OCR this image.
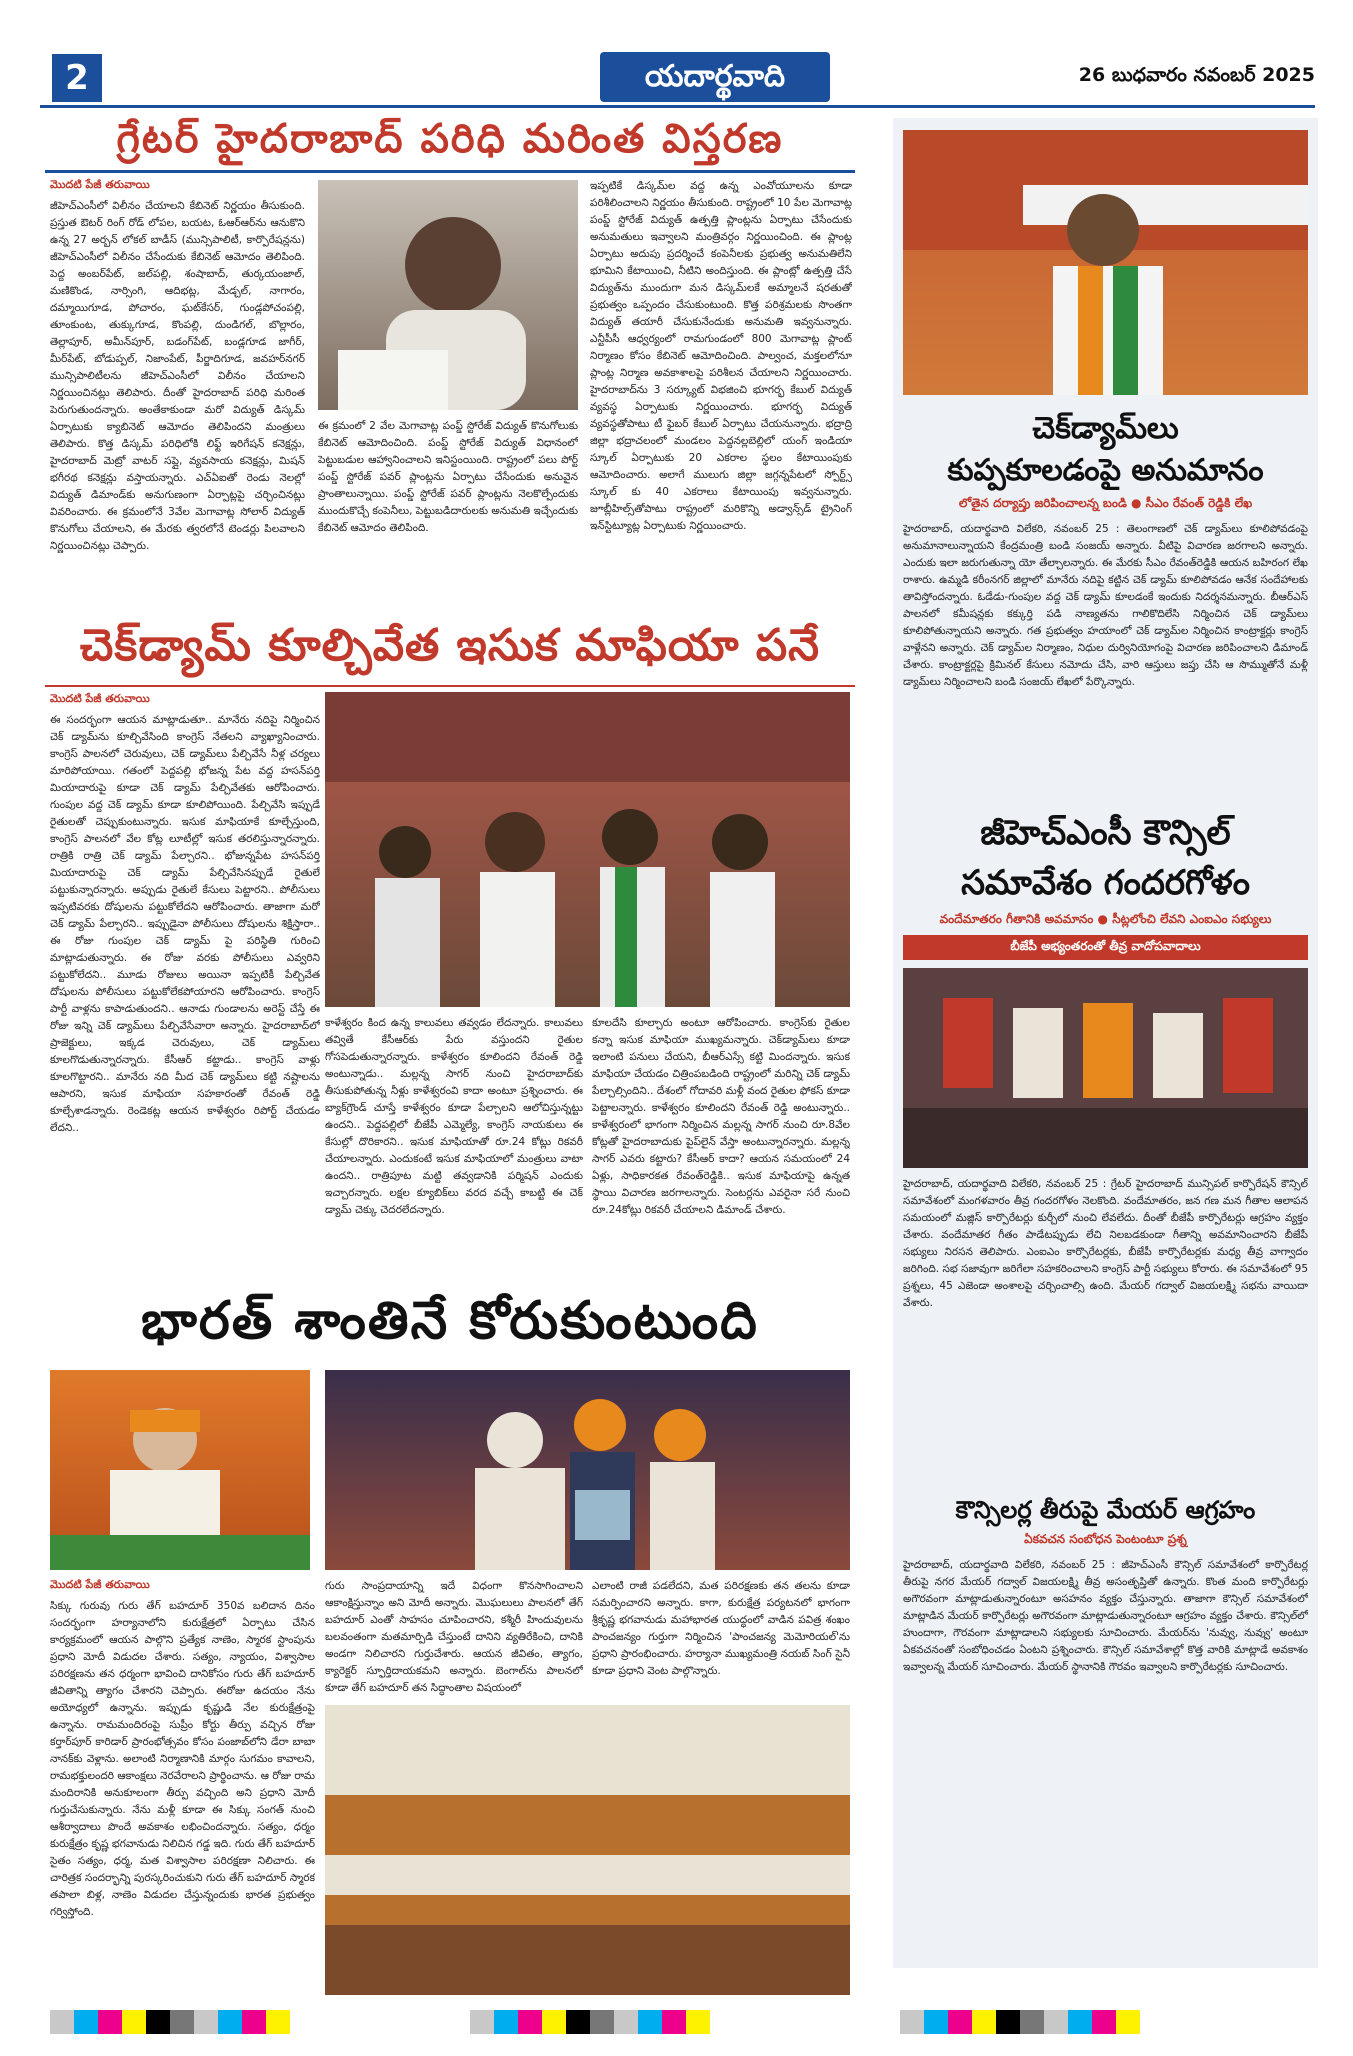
2	యదార్థవాది	26 బుధవారం నవంబర్ 2025
గ్రేటర్ హైదరాబాద్ పరిధి మరింత విస్తరణ
మొదటి పేజీ తరువాయి
జీహెచ్‌ఎంసీలో విలీనం చేయాలని కేబినెట్ నిర్ణయం తీసుకుంది. ప్రస్తుత ఔటర్ రింగ్ రోడ్ లోపల, బయట, ఓఆర్ఆర్‌ను ఆనుకొని ఉన్న 27 అర్బన్ లోకల్ బాడీస్ (మున్సిపాలిటీ, కార్పొరేషన్లను) జీహెచ్‌ఎంసీలో విలీనం చేసేందుకు కేబినెట్ ఆమోదం తెలిపింది. పెద్ద అంబర్‌పేట్, జల్‌పల్లి, శంషాబాద్, తుర్కయంజాల్, మణికొండ, నార్సింగి, ఆదిభట్ల, మేడ్చల్, నాగారం, దమ్మాయిగూడ, పోచారం, ఘట్‌కేసర్, గుండ్లపోచంపల్లి, తూంకుంట, తుక్కుగూడ, కొంపల్లి, దుండిగల్, బొల్లారం, తెల్లాపూర్, అమీన్‌పూర్, బడంగ్‌పేట్, బండ్లగూడ జాగీర్, మీర్‌పేట్, బోడుప్పల్, నిజాంపేట్, పీర్జాదిగూడ, జవహర్‌నగర్ మున్సిపాలిటీలను జీహెచ్‌ఎంసీలో విలీనం చేయాలని నిర్ణయించినట్లు తెలిపారు. దీంతో హైదరాబాద్ పరిధి మరింత పెరుగుతుందన్నారు. అంతేకాకుండా మరో విద్యుత్ డిస్కమ్ ఏర్పాటుకు క్యాబినెట్ ఆమోదం తెలిపిందని మంత్రులు తెలిపారు. కొత్త డిస్కమ్ పరిధిలోకి లిఫ్ట్ ఇరిగేషన్ కనెక్షన్లు, హైదరాబాద్ మెట్రో వాటర్ సప్లై, వ్యవసాయ కనెక్షన్లు, మిషన్ భగీరథ కనెక్షన్లు వస్తాయన్నారు. ఎచ్ఏఐతో రెండు నెలల్లో విద్యుత్ డిమాండ్‌కు అనుగుణంగా ఏర్పాట్లపై చర్చించినట్లు వివరించారు. ఈ క్రమంలోనే 3వేల మెగావాట్ల సోలార్ విద్యుత్ కొనుగోలు చేయాలని, ఈ మేరకు త్వరలోనే టెండర్లు పిలవాలని నిర్ణయించినట్లు చెప్పారు.
ఈ క్రమంలో 2 వేల మెగావాట్ల పంప్డ్ స్టోరేజ్ విద్యుత్ కొనుగోలుకు కేబినెట్ ఆమోదించింది. పంప్డ్ స్టోరేజ్ విద్యుత్ విధానంలో పెట్టుబడుల ఆహ్వానించాలని ఇనిస్టంయింది. రాష్ట్రంలో పలు పోర్ట్ పంప్డ్ స్టోరేజ్ పవర్ ప్లాంట్లను ఏర్పాటు చేసేందుకు అనువైన ప్రాంతాలున్నాయి. పంప్డ్ స్టోరేజ్ పవర్ ప్లాంట్లను నెలకొల్పేందుకు ముందుకొచ్చే కంపెనీలు, పెట్టుబడిదారులకు అనుమతి ఇచ్చేందుకు కేబినెట్ ఆమోదం తెలిపింది.
ఇప్పటికే డిస్కమ్‌ల వద్ద ఉన్న ఎంవోయూలను కూడా పరిశీలించాలని నిర్ణయం తీసుకుంది. రాష్ట్రంలో 10 పేల మెగావాట్ల పంప్డ్ స్టోరేజ్ విద్యుత్ ఉత్పత్తి ప్లాంట్లను ఏర్పాటు చేసేందుకు అనుమతులు ఇవ్వాలని మంత్రివర్గం నిర్ణయించింది. ఈ ప్లాంట్ల ఏర్పాటు అదుపు ప్రదర్శించే కంపెనీలకు ప్రభుత్వ అనుమతిలేని భూమిని కేటాయించి, నీటిని అందిస్తుంది. ఈ ప్లాంట్లో ఉత్పత్తి చేసే విద్యుత్‌ను ముందుగా మన డిస్కమ్‌లకే అమ్మాలనే షరతుతో ప్రభుత్వం ఒప్పందం చేసుకుంటుంది. కొత్త పరిశ్రమలకు సొంతగా విద్యుత్ తయారీ చేసుకునేందుకు అనుమతి ఇవ్వనున్నారు. ఎన్టీపీసీ ఆధ్వర్యంలో రామగుండంలో 800 మెగావాట్ల ప్లాంట్ నిర్మాణం కోసం కేబినెట్ ఆమోదించింది. పాల్వంచ, మక్తలలోనూ ప్లాంట్ల నిర్మాణ అవకాశాలపై పరిశీలన చేయాలని నిర్ణయించారు. హైదరాబాద్‌ను 3 సర్క్యూట్ విభజించి భూగర్భ కేబుల్ విద్యుత్ వ్యవస్థ ఏర్పాటుకు నిర్ణయించారు. భూగర్భ విద్యుత్ వ్యవస్థతోపాటు టీ ఫైబర్ కేబుల్ ఏర్పాటు చేయనున్నారు. భద్రాద్రి జిల్లా భద్రాచలంలో మండలం పెద్దనల్లబెల్లిలో యంగ్ ఇండియా స్కూల్ ఏర్పాటుకు 20 ఎకరాల స్థలం కేటాయింపుకు ఆమోదించారు. అలాగే ములుగు జిల్లా జగ్గన్నపేటలో స్పోర్ట్స్ స్కూల్ కు 40 ఎకరాలు కేటాయింపు ఇవ్వనున్నారు. జూబ్లీహిల్స్‌తోపాటు రాష్ట్రంలో మరికొన్ని అడ్వాన్స్‌డ్ ట్రైనింగ్ ఇన్‌స్టిట్యూట్ల ఏర్పాటుకు నిర్ణయించారు.
చెక్‌డ్యామ్ కూల్చివేత ఇసుక మాఫియా పనే
మొదటి పేజీ తరువాయి
ఈ సందర్భంగా ఆయన మాట్లాడుతూ.. మానేరు నదిపై నిర్మించిన చెక్ డ్యామ్‌ను కూల్చివేసింది కాంగ్రెస్ నేతలని వ్యాఖ్యానించారు. కాంగ్రెస్ పాలనలో చెరువులు, చెక్ డ్యామ్‌లు పేల్చివేసే నీళ్ల చర్యలు మారిపోయాయి. గతంలో పెద్దపల్లి భోజన్న పేట వద్ద హసన్‌పర్తి మియాదారుపై కూడా చెక్ డ్యామ్ పేల్చివేతకు ఆరోపించారు. గుంపుల వద్ద చెక్ డ్యామ్ కూడా కూలిపోయింది. పేల్చివేసి ఇప్పుడే రైతులతో చెప్పుకుంటున్నారు. ఇసుక మాఫియాకే కూల్చేస్తుంది, కాంగ్రెస్ పాలనలో వేల కోట్ల లూటీల్లో ఇసుక తరలిస్తున్నారన్నారు. రాత్రికి రాత్రి చెక్ డ్యామ్ పేల్చారని.. భోజున్నపేట హసన్‌పర్తి మియాదారుపై చెక్ డ్యామ్ పేల్చివేసినప్పుడే రైతులే పట్టుకున్నారన్నారు. అప్పుడు రైతులే కేసులు పెట్టారని.. పోలీసులు ఇప్పటివరకు దోషులను పట్టుకోలేదని ఆరోపించారు. తాజాగా మరో చెక్ డ్యామ్ పేల్చారని.. ఇప్పుడైనా పోలీసులు దోషులను శిక్షిస్తారా.. ఈ రోజు గుంపుల చెక్ డ్యామ్ పై పరిస్థితి గురించి మాట్లాడుతున్నారు. ఈ రోజు వరకు పోలీసులు ఎవ్వరిని పట్టుకోలేదని.. మూడు రోజులు అయినా ఇప్పటికీ పేల్చివేత దోషులను పోలీసులు పట్టుకోలేకపోయారని ఆరోపించారు. కాంగ్రెస్ పార్టీ వాళ్లను కాపాడుతుందని.. ఆనాడు గుండాలను అరెస్ట్ చేస్తే ఈ రోజు ఇన్ని చెక్ డ్యామ్‌లు పేల్చివేసేవారా అన్నారు. హైదరాబాద్‌లో ప్రాజెక్టులు, ఇక్కడ చెరువులు, చెక్ డ్యామ్‌లు కూలగొడుతున్నారన్నారు. కేసీఆర్ కట్టాడు.. కాంగ్రెస్ వాళ్లు కూలగొట్టారని.. మానేరు నది మీద చెక్ డ్యామ్‌లు కట్టి నష్టాలను ఆపారని, ఇసుక మాఫియా సహకారంతో రేవంత్ రెడ్డి కూల్చేశాడన్నారు. రెండెకట్ల ఆయన కాళేశ్వరం రిపోర్ట్ చేయడం లేదని..
కాళేశ్వరం కింద ఉన్న కాలువలు తవ్వడం లేదన్నారు. కాలువలు తవ్వితే కేసీఆర్‌కు పేరు వస్తుందని రైతుల గోసపెడుతున్నారన్నారు. కాళేశ్వరం కూలిందని రేవంత్ రెడ్డి అంటున్నాడు.. మల్లన్న సాగర్ నుంచి హైదరాబాద్‌కు తీసుకుపోతున్న నీళ్లు కాళేశ్వరంవి కాదా అంటూ ప్రశ్నించారు. ఈ బ్యాక్‌గ్రౌండ్ చూస్తే కాళేశ్వరం కూడా పేల్చాలని ఆలోచిస్తున్నట్టు ఉందని.. పెద్దపల్లిలో బీజేపీ ఎమ్మెల్యే, కాంగ్రెస్ నాయకులు ఈ కేసుల్లో దొరికారని.. ఇసుక మాఫియాతో రూ.24 కోట్లు రికవరీ చేయాలన్నారు. ఎందుకంటే ఇసుక మాఫియాలో మంత్రులు వాటా ఉందని.. రాత్రిపూట మట్టి తవ్వడానికి పర్మిషన్ ఎందుకు ఇచ్చారన్నారు. లక్షల క్యూబిక్‌లు వరద వచ్చే కాబట్టి ఈ చెక్ డ్యామ్ చెక్కు చెదరలేదన్నారు.
కూలదేసి కూల్చారు అంటూ ఆరోపించారు. కాంగ్రెస్‌కు రైతుల కన్నా ఇసుక మాఫియా ముఖ్యమన్నారు. చెక్‌డ్యామ్‌లు కూడా ఇలాంటి పనులు చేయని, బీఆర్ఎస్సే కట్టి మిందన్నారు. ఇసుక మాఫియా చేయడం చిత్రింపబడింది రాష్ట్రంలో మరిన్ని చెక్ డ్యామ్ పేల్చాల్సిందిని.. దేశంలో గోదావరి మళ్లీ వంద రైతుల ఫోకస్ కూడా పెట్టాలన్నారు. కాళేశ్వరం కూలిందని రేవంత్ రెడ్డి అంటున్నారు.. కాళేశ్వరంలో భాగంగా నిర్మించిన మల్లన్న సాగర్ నుంచి రూ.8వేల కోట్లతో హైదరాబాదుకు పైప్‌లైన్ వేస్తా అంటున్నారన్నారు. మల్లన్న సాగర్ ఎవరు కట్టారు? కేసీఆర్ కాదా? ఆయన సమయంలో 24 ఏళ్లు, సాధికారకత రేవంత్‌రెడ్డికి.. ఇసుక మాఫియాపై ఉన్నత స్థాయి విచారణ జరగాలన్నారు. సెంటర్లను ఎవరైనా సరే నుంచి రూ.24కోట్లు రికవరీ చేయాలని డిమాండ్ చేశారు.
భారత్ శాంతినే కోరుకుంటుంది
మొదటి పేజీ తరువాయి
సిక్కు గురువు గురు తేగ్ బహదూర్ 350వ బలిదాన దినం సందర్భంగా హర్యానాలోని కురుక్షేత్రలో ఏర్పాటు చేసిన కార్యక్రమంలో ఆయన పాల్గొని ప్రత్యేక నాణెం, స్మారక స్టాంపును ప్రధాని మోదీ విడుదల చేశారు. సత్యం, న్యాయం, విశ్వాసాల పరిరక్షణను తన ధర్మంగా భావించి దానికోసం గురు తేగ్ బహదూర్ జీవితాన్ని త్యాగం చేశారని చెప్పారు. ఈరోజు ఉదయం నేను అయోధ్యలో ఉన్నాను. ఇప్పుడు కృష్ణుడి నేల కురుక్షేత్రంపై ఉన్నాను. రామమందిరంపై సుప్రీం కోర్టు తీర్పు వచ్చిన రోజు కర్తార్‌పూర్ కారిడార్ ప్రారంభోత్సవం కోసం పంజాబ్‌లోని డేరా బాబా నానక్‌కు వెళ్లాను. అలాంటి నిర్మాణానికి మార్గం సుగమం కావాలని, రామభక్తులందరి ఆకాంక్షలు నెరవేరాలని ప్రార్థించాను. ఆ రోజు రామ మందిరానికి అనుకూలంగా తీర్పు వచ్చింది అని ప్రధాని మోదీ గుర్తుచేసుకున్నారు. నేను మళ్లీ కూడా ఈ సిక్కు సంగత్ నుంచి ఆశీర్వాదాలు పొందే అవకాశం లభించిందన్నారు. సత్యం, ధర్మం కురుక్షేత్రం కృష్ణ భగవానుడు నిలిచిన గడ్డ ఇది. గురు తేగ్ బహదూర్ సైతం సత్యం, ధర్మ, మత విశ్వాసాల పరిరక్షణా నిలిచారు. ఈ చారిత్రక సందర్భాన్ని పురస్కరించుకుని గురు తేగ్ బహదూర్ స్మారక తపాలా బిళ్ల, నాణెం విడుదల చేస్తున్నందుకు భారత ప్రభుత్వం గర్విస్తోంది.
గురు సాంప్రదాయాన్ని ఇదే విధంగా కొనసాగించాలని ఆకాంక్షిస్తున్నాం అని మోదీ అన్నారు. మొఘలులు పాలనలో తేగ్ బహదూర్ ఎంతో సాహసం చూపించారని, కశ్మీరీ హిందువులను బలవంతంగా మతమార్పిడి చేస్తుంటే దానిని వ్యతిరేకించి, దానికి అండగా నిలిచారని గుర్తుచేశారు. ఆయన జీవితం, త్యాగం, క్యారెక్టర్ స్ఫూర్తిదాయకమని అన్నారు. బెంగాల్‌ను పాలనలో కూడా తేగ్ బహదూర్ తన సిద్ధాంతాల విషయంలో
ఎలాంటి రాజీ పడలేదని, మత పరిరక్షణకు తన తలను కూడా సమర్పించారని అన్నారు. కాగా, కురుక్షేత్ర పర్యటనలో భాగంగా శ్రీకృష్ణ భగవానుడు మహాభారత యుద్ధంలో వాడిన పవిత్ర శంఖం పాంచజన్యం గుర్తుగా నిర్మించిన 'పాంచజన్య మెమోరియల్'ను ప్రధాని ప్రారంభించారు. హర్యానా ముఖ్యమంత్రి నయబ్ సింగ్ సైనీ కూడా ప్రధాని వెంట పాల్గొన్నారు.
చెక్‌డ్యామ్‌లు
కుప్పకూలడంపై అనుమానం
లోతైన దర్యాప్తు జరిపించాలన్న బండి ● సీఎం రేవంత్ రెడ్డికి లేఖ
హైదరాబాద్, యదార్థవాది విలేకరి, నవంబర్ 25 : తెలంగాణలో చెక్ డ్యామ్‌లు కూలిపోవడంపై అనుమానాలున్నాయని కేంద్రమంత్రి బండి సంజయ్ అన్నారు. వీటిపై విచారణ జరగాలని అన్నారు. ఎందుకు ఇలా జరుగుతున్నా యో తేల్చాలన్నారు. ఈ మేరకు సీఎం రేవంత్‌రెడ్డికి ఆయన బహిరంగ లేఖ రాశారు. ఉమ్మడి కరీంనగర్ జిల్లాలో మానేరు నదిపై కట్టిన చెక్ డ్యామ్ కూలిపోవడం ఆనేక సందేహాలకు తావిస్తోందన్నారు. ఓడేడు-గుంపుల వద్ద చెక్ డ్యామ్ కూలడంకే ఇందుకు నిదర్శనమన్నారు. బీఆర్ఎస్ పాలనలో కమీషన్లకు కక్కుర్తి పడి నాణ్యతను గాలికొదిలేసి నిర్మించిన చెక్ డ్యామ్‌లు కూలిపోతున్నాయని అన్నారు. గత ప్రభుత్వం హయాంలో చెక్ డ్యామ్‌ల నిర్మించిన కాంట్రాక్టర్లు కాంగ్రెస్ వాళ్లేనని అన్నారు. చెక్ డ్యామ్‌ల నిర్మాణం, నిధుల దుర్వినియోగంపై విచారణ జరిపించాలని డిమాండ్ చేశారు. కాంట్రాక్టర్లపై క్రిమినల్ కేసులు నమోదు చేసి, వారి ఆస్తులు జప్తు చేసి ఆ సొమ్ముతోనే మళ్లీ డ్యామ్‌లు నిర్మించాలని బండి సంజయ్ లేఖలో పేర్కొన్నారు.
జీహెచ్‌ఎంసీ కౌన్సిల్
సమావేశం గందరగోళం
వందేమాతరం గీతానికి అవమానం ● సీట్లలోంచి లేవని ఎంఐఎం సభ్యులు
బీజేపీ అభ్యంతరంతో తీవ్ర వాదోపవాదాలు
హైదరాబాద్, యదార్థవాది విలేకరి, నవంబర్ 25 : గ్రేటర్ హైదరాబాద్ మున్సిపల్ కార్పొరేషన్ కౌన్సిల్ సమావేశంలో మంగళవారం తీవ్ర గందరగోళం నెలకొంది. వందేమాతరం, జన గణ మన గీతాల ఆలాపన సమయంలో మజ్లిస్ కార్పొరేటర్లు కుర్చీలో నుంచి లేవలేదు. దీంతో బీజేపీ కార్పొరేటర్లు ఆగ్రహం వ్యక్తం చేశారు. వందేమాతర గీతం పాడేటప్పుడు లేచి నిలబడకుండా గీతాన్ని అవమానించారని బీజేపీ సభ్యులు నిరసన తెలిపారు. ఎంఐఎం కార్పొరేటర్లకు, బీజేపీ కార్పొరేటర్లకు మధ్య తీవ్ర వాగ్వాదం జరిగింది. సభ సజావుగా జరిగేలా సహకరించాలని కాంగ్రెస్ పార్టీ సభ్యులు కోరారు. ఈ సమావేశంలో 95 ప్రశ్నలు, 45 ఎజెండా అంశాలపై చర్చించాల్సి ఉంది. మేయర్ గద్వాల్ విజయలక్ష్మి సభను వాయిదా వేశారు.
కౌన్సిలర్ల తీరుపై మేయర్ ఆగ్రహం
ఏకవచన సంబోధన పెంటంటూ ప్రశ్న
హైదరాబాద్, యదార్థవాది విలేకరి, నవంబర్ 25 : జీహెచ్‌ఎంసీ కౌన్సిల్ సమావేశంలో కార్పొరేటర్ల తీరుపై నగర మేయర్ గద్వాల్ విజయలక్ష్మి తీవ్ర అసంతృప్తితో ఉన్నారు. కొంత మంది కార్పొరేటర్లు అగౌరవంగా మాట్లాడుతున్నారంటూ అసహనం వ్యక్తం చేస్తున్నారు. తాజాగా కౌన్సిల్ సమావేశంలో మాట్లాడిన మేయర్ కార్పొరేటర్లు అగౌరవంగా మాట్లాడుతున్నారంటూ ఆగ్రహం వ్యక్తం చేశారు. కౌన్సిల్‌లో హుందాగా, గౌరవంగా మాట్లాడాలని సభ్యులకు సూచించారు. మేయర్‌ను 'నువ్వు, నువ్వు' అంటూ ఏకవచనంతో సంబోధించడం ఏంటని ప్రశ్నించారు. కౌన్సిల్ సమావేశాల్లో కొత్త వారికి మాట్లాడే అవకాశం ఇవ్వాలన్న మేయర్ సూచించారు. మేయర్ స్థానానికి గౌరవం ఇవ్వాలని కార్పొరేటర్లకు సూచించారు.
